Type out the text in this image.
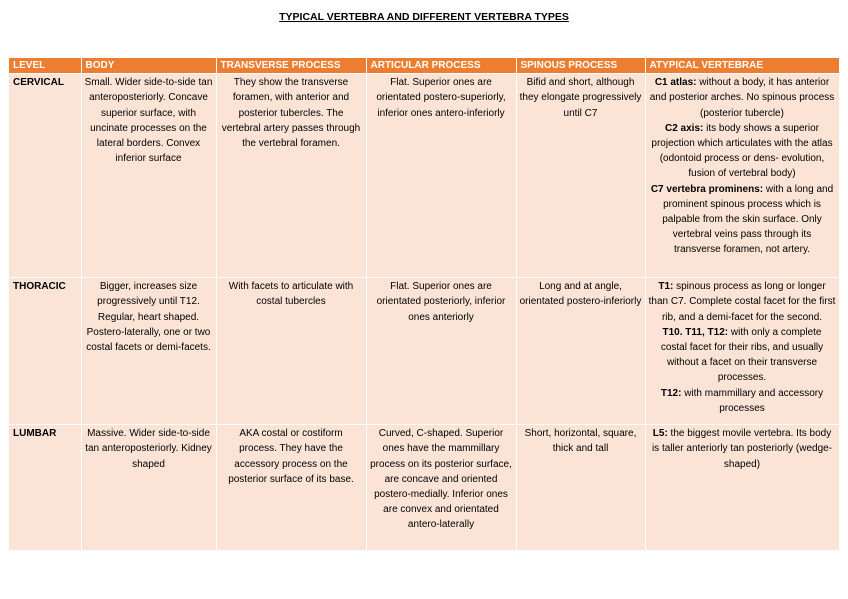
TYPICAL VERTEBRA AND DIFFERENT VERTEBRA TYPES
LEVEL	BODY	TRANSVERSE PROCESS	ARTICULAR PROCESS	SPINOUS PROCESS	ATYPICAL VERTEBRAE
CERVICAL	Small. Wider side-to-side tan anteroposteriorly. Concave superior surface, with uncinate processes on the lateral borders. Convex inferior surface	They show the transverse foramen, with anterior and posterior tubercles. The vertebral artery passes through the vertebral foramen.	Flat. Superior ones are orientated postero-superiorly, inferior ones antero-inferiorly	Bifid and short, although they elongate progressively until C7	C1 atlas: without a body, it has anterior and posterior arches. No spinous process (posterior tubercle)

C2 axis: its body shows a superior projection which articulates with the atlas (odontoid process or dens- evolution, fusion of vertebral body)

C7 vertebra prominens: with a long and prominent spinous process which is palpable from the skin surface. Only vertebral veins pass through its transverse foramen, not artery.

THORACIC	Bigger, increases size progressively until T12. Regular, heart shaped. Postero-laterally, one or two costal facets or demi-facets.	With facets to articulate with costal tubercles	Flat. Superior ones are orientated posteriorly, inferior ones anteriorly	Long and at angle, orientated postero-inferiorly	T1: spinous process as long or longer than C7. Complete costal facet for the first rib, and a demi-facet for the second.

T10. T11, T12: with only a complete costal facet for their ribs, and usually without a facet on their transverse processes.

T12: with mammillary and accessory processes

LUMBAR	Massive. Wider side-to-side tan anteroposteriorly. Kidney shaped	AKA costal or costiform process. They have the accessory process on the posterior surface of its base.	Curved, C-shaped. Superior ones have the mammillary process on its posterior surface, are concave and oriented postero-medially. Inferior ones are convex and orientated antero-laterally	Short, horizontal, square, thick and tall	L5: the biggest movile vertebra. Its body is taller anteriorly tan posteriorly (wedge-shaped)
